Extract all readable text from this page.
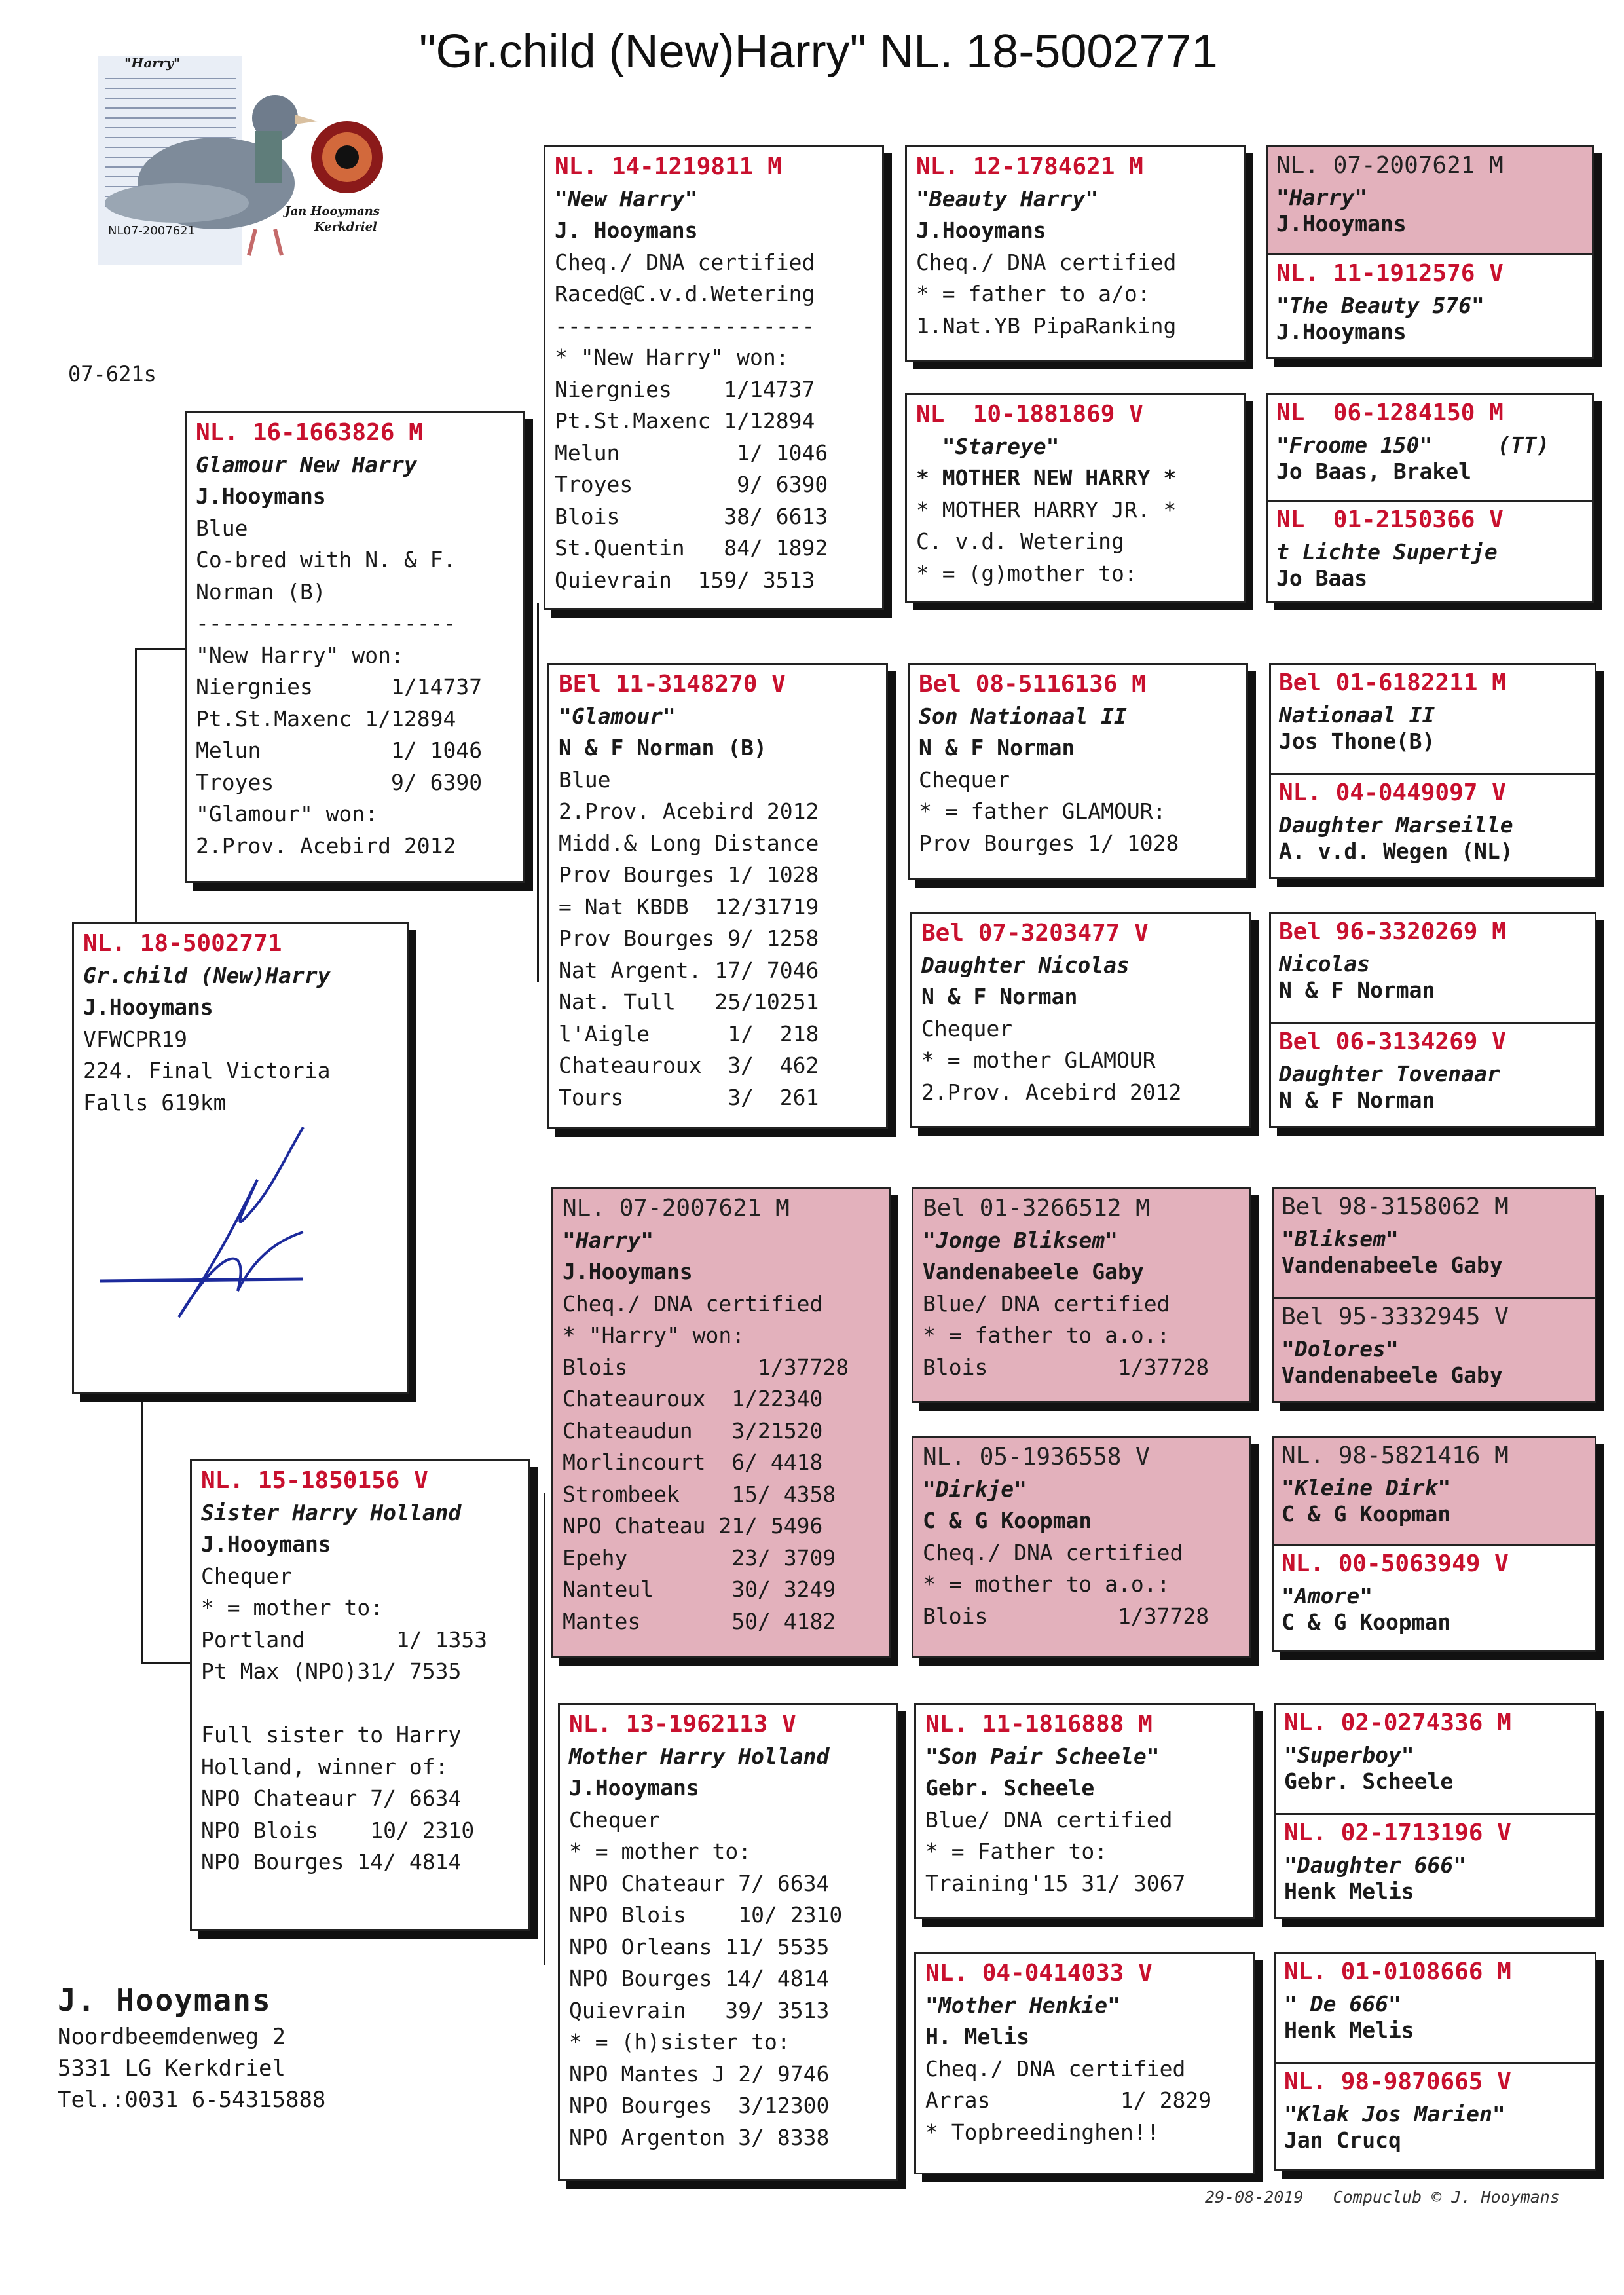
"Gr.child (New)Harry" NL. 18-5002771
"Harry"
NL07-2007621
Jan Hooymans
Kerkdriel
07-621s
NL. 18-5002771
Gr.child (New)Harry
J.Hooymans
VFWCPR19
224. Final Victoria
Falls 619km
NL. 16-1663826 M
Glamour New Harry
J.Hooymans
Blue
Co-bred with N. & F.
Norman (B)
--------------------
"New Harry" won:
Niergnies      1/14737
Pt.St.Maxenc 1/12894
Melun          1/ 1046
Troyes         9/ 6390
"Glamour" won:
2.Prov. Acebird 2012
NL. 15-1850156 V
Sister Harry Holland
J.Hooymans
Chequer
* = mother to:
Portland       1/ 1353
Pt Max (NPO)31/ 7535
Full sister to Harry
Holland, winner of:
NPO Chateaur 7/ 6634
NPO Blois    10/ 2310
NPO Bourges 14/ 4814
NL. 14-1219811 M
"New Harry"
J. Hooymans
Cheq./ DNA certified
Raced@C.v.d.Wetering
--------------------
* "New Harry" won:
Niergnies    1/14737
Pt.St.Maxenc 1/12894
Melun         1/ 1046
Troyes        9/ 6390
Blois        38/ 6613
St.Quentin   84/ 1892
Quievrain  159/ 3513
BEl 11-3148270 V
"Glamour"
N & F Norman (B)
Blue
2.Prov. Acebird 2012
Midd.& Long Distance
Prov Bourges 1/ 1028
= Nat KBDB  12/31719
Prov Bourges 9/ 1258
Nat Argent. 17/ 7046
Nat. Tull   25/10251
l'Aigle      1/  218
Chateauroux  3/  462
Tours        3/  261
NL. 07-2007621 M
"Harry"
J.Hooymans
Cheq./ DNA certified
* "Harry" won:
Blois          1/37728
Chateauroux  1/22340
Chateaudun   3/21520
Morlincourt  6/ 4418
Strombeek    15/ 4358
NPO Chateau 21/ 5496
Epehy        23/ 3709
Nanteul      30/ 3249
Mantes       50/ 4182
NL. 13-1962113 V
Mother Harry Holland
J.Hooymans
Chequer
* = mother to:
NPO Chateaur 7/ 6634
NPO Blois    10/ 2310
NPO Orleans 11/ 5535
NPO Bourges 14/ 4814
Quievrain   39/ 3513
* = (h)sister to:
NPO Mantes J 2/ 9746
NPO Bourges  3/12300
NPO Argenton 3/ 8338
NL. 12-1784621 M
"Beauty Harry"
J.Hooymans
Cheq./ DNA certified
* = father to a/o:
1.Nat.YB PipaRanking
NL  10-1881869 V
"Stareye"
* MOTHER NEW HARRY *
* MOTHER HARRY JR. *
C. v.d. Wetering
* = (g)mother to:
Bel 08-5116136 M
Son Nationaal II
N & F Norman
Chequer
* = father GLAMOUR:
Prov Bourges 1/ 1028
Bel 07-3203477 V
Daughter Nicolas
N & F Norman
Chequer
* = mother GLAMOUR
2.Prov. Acebird 2012
Bel 01-3266512 M
"Jonge Bliksem"
Vandenabeele Gaby
Blue/ DNA certified
* = father to a.o.:
Blois          1/37728
NL. 05-1936558 V
"Dirkje"
C & G Koopman
Cheq./ DNA certified
* = mother to a.o.:
Blois          1/37728
NL. 11-1816888 M
"Son Pair Scheele"
Gebr. Scheele
Blue/ DNA certified
* = Father to:
Training'15 31/ 3067
NL. 04-0414033 V
"Mother Henkie"
H. Melis
Cheq./ DNA certified
Arras          1/ 2829
* Topbreedinghen!!
NL. 07-2007621 M
"Harry"
J.Hooymans
NL. 11-1912576 V
"The Beauty 576"
J.Hooymans
NL  06-1284150 M
"Froome 150"     (TT)
Jo Baas, Brakel
NL  01-2150366 V
t Lichte Supertje
Jo Baas
Bel 01-6182211 M
Nationaal II
Jos Thone(B)
NL. 04-0449097 V
Daughter Marseille
A. v.d. Wegen (NL)
Bel 96-3320269 M
Nicolas
N & F Norman
Bel 06-3134269 V
Daughter Tovenaar
N & F Norman
Bel 98-3158062 M
"Bliksem"
Vandenabeele Gaby
Bel 95-3332945 V
"Dolores"
Vandenabeele Gaby
NL. 98-5821416 M
"Kleine Dirk"
C & G Koopman
NL. 00-5063949 V
"Amore"
C & G Koopman
NL. 02-0274336 M
"Superboy"
Gebr. Scheele
NL. 02-1713196 V
"Daughter 666"
Henk Melis
NL. 01-0108666 M
" De 666"
Henk Melis
NL. 98-9870665 V
"Klak Jos Marien"
Jan Crucq
J. Hooymans
Noordbeemdenweg 2
5331 LG Kerkdriel
Tel.:0031 6-54315888
29-08-2019 Compuclub © J. Hooymans
